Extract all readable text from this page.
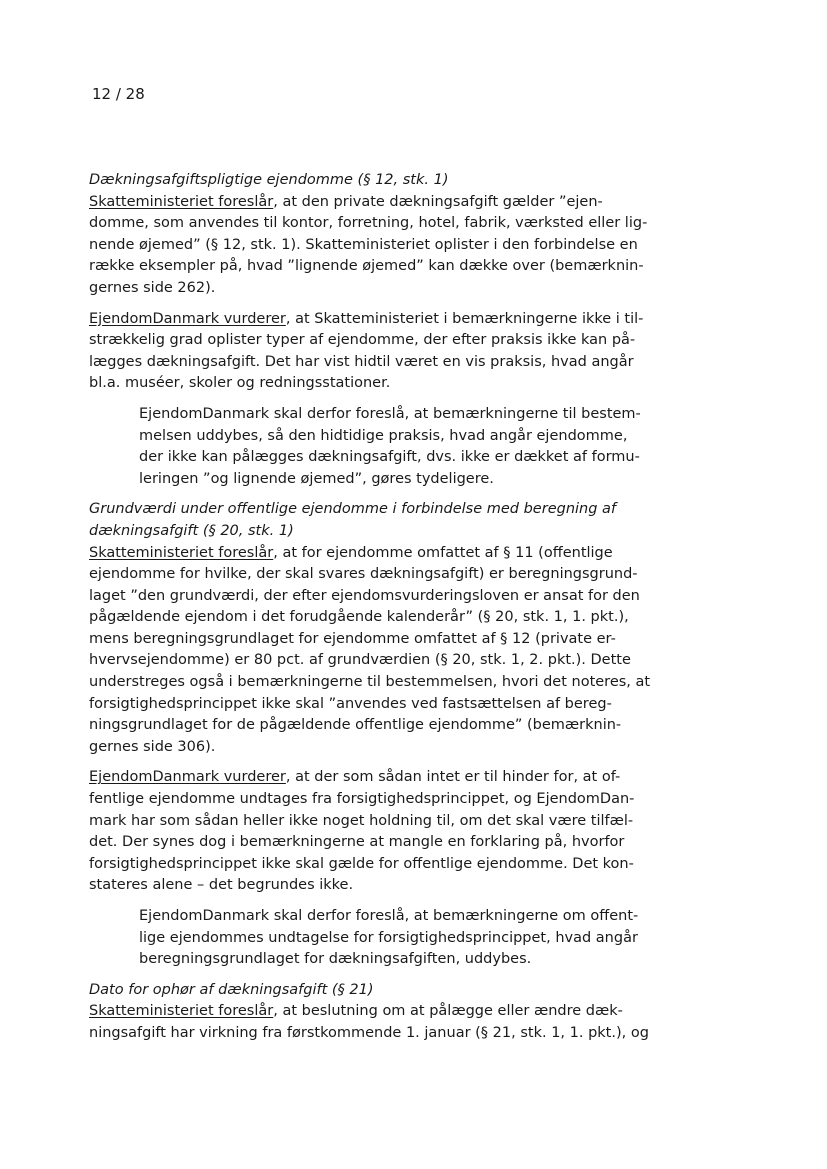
12 / 28
Dækningsafgiftspligtige ejendomme (§ 12, stk. 1)
Skatteministeriet foreslår, at den private dækningsafgift gælder ”ejen-
domme, som anvendes til kontor, forretning, hotel, fabrik, værksted eller lig-
nende øjemed” (§ 12, stk. 1). Skatteministeriet oplister i den forbindelse en
række eksempler på, hvad ”lignende øjemed” kan dække over (bemærknin-
gernes side 262).
EjendomDanmark vurderer, at Skatteministeriet i bemærkningerne ikke i til-
strækkelig grad oplister typer af ejendomme, der efter praksis ikke kan på-
lægges dækningsafgift. Det har vist hidtil været en vis praksis, hvad angår
bl.a. muséer, skoler og redningsstationer.
EjendomDanmark skal derfor foreslå, at bemærkningerne til bestem-
melsen uddybes, så den hidtidige praksis, hvad angår ejendomme,
der ikke kan pålægges dækningsafgift, dvs. ikke er dækket af formu-
leringen ”og lignende øjemed”, gøres tydeligere.
Grundværdi under offentlige ejendomme i forbindelse med beregning af
dækningsafgift (§ 20, stk. 1)
Skatteministeriet foreslår, at for ejendomme omfattet af § 11 (offentlige
ejendomme for hvilke, der skal svares dækningsafgift) er beregningsgrund-
laget ”den grundværdi, der efter ejendomsvurderingsloven er ansat for den
pågældende ejendom i det forudgående kalenderår” (§ 20, stk. 1, 1. pkt.),
mens beregningsgrundlaget for ejendomme omfattet af § 12 (private er-
hvervsejendomme) er 80 pct. af grundværdien (§ 20, stk. 1, 2. pkt.). Dette
understreges også i bemærkningerne til bestemmelsen, hvori det noteres, at
forsigtighedsprincippet ikke skal ”anvendes ved fastsættelsen af bereg-
ningsgrundlaget for de pågældende offentlige ejendomme” (bemærknin-
gernes side 306).
EjendomDanmark vurderer, at der som sådan intet er til hinder for, at of-
fentlige ejendomme undtages fra forsigtighedsprincippet, og EjendomDan-
mark har som sådan heller ikke noget holdning til, om det skal være tilfæl-
det. Der synes dog i bemærkningerne at mangle en forklaring på, hvorfor
forsigtighedsprincippet ikke skal gælde for offentlige ejendomme. Det kon-
stateres alene – det begrundes ikke.
EjendomDanmark skal derfor foreslå, at bemærkningerne om offent-
lige ejendommes undtagelse for forsigtighedsprincippet, hvad angår
beregningsgrundlaget for dækningsafgiften, uddybes.
Dato for ophør af dækningsafgift (§ 21)
Skatteministeriet foreslår, at beslutning om at pålægge eller ændre dæk-
ningsafgift har virkning fra førstkommende 1. januar (§ 21, stk. 1, 1. pkt.), og
